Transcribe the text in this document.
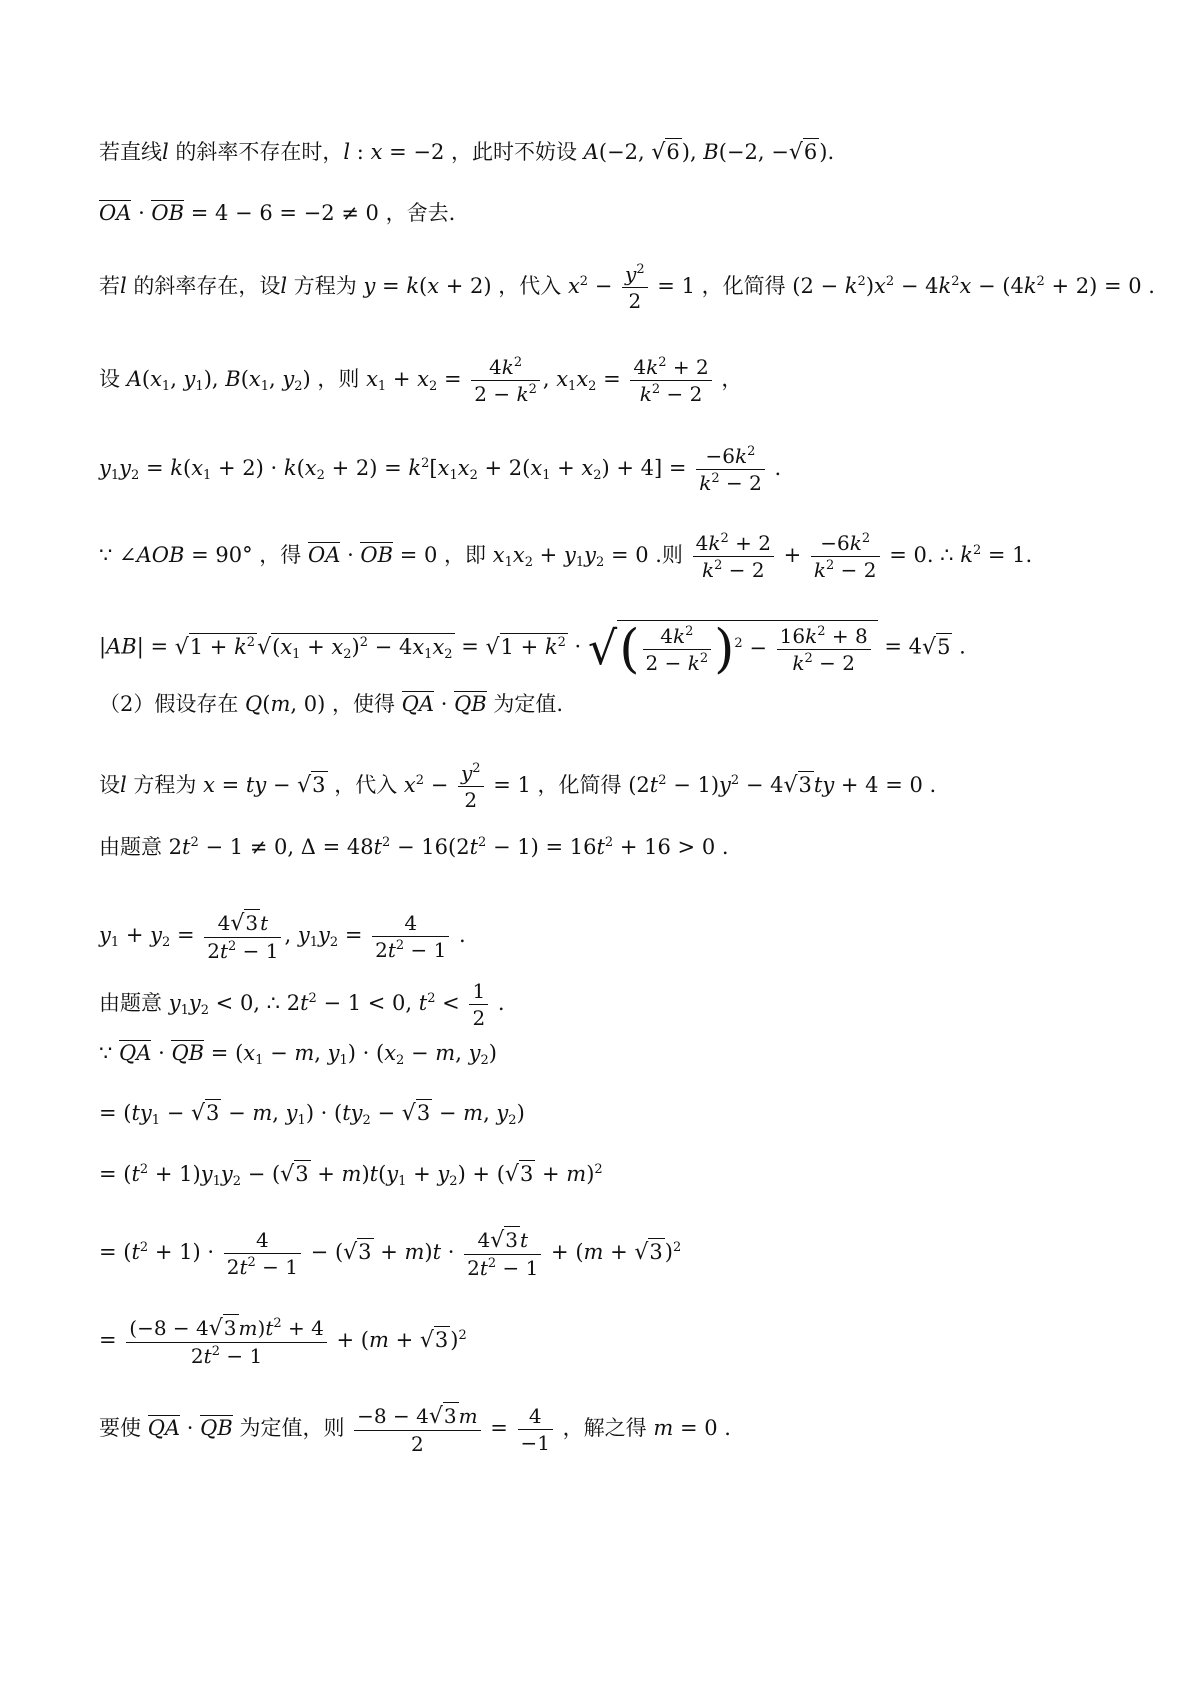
若直线l 的斜率不存在时，l : x = −2 ，此时不妨设 A(−2, √6), B(−2, −√6).
OA · OB = 4 − 6 = −2 ≠ 0 ，舍去.
若l 的斜率存在，设l 方程为 y = k(x + 2) ，代入 $x^2 - \frac{y^2}{2} = 1$ ，化简得 $(2 - k^2)x^2 - 4k^2x - (4k^2 + 2) = 0$ .
设 $A(x_1$, $y_1$), $B(x_1$, $y_2$) ，则 $x_1 + x_2 = \frac{4k^2}{2 - k^2}$ , $x_1x_2 = \frac{4k^2 + 2}{k^2 - 2}$ ，
$y_1y_2 = k(x_1 + 2) \cdot k(x_2 + 2) = k^2[x_1x_2 + 2(x_1 + x_2) + 4] = \frac{-6k^2}{k^2 - 2}$ .
∵ ∠AOB = 90° ，得 OA · OB = 0 ，即 $x_1x_2 + y_1y_2 = 0$ .则 $\frac{4k^2 + 2}{k^2 - 2} + \frac{-6k^2}{k^2 - 2} = 0$. ∴ $k^2 = 1$.
$|AB| = √1 + k^2√(x_1 + x_2)^2 - 4x_1x_2 = √1 + k^2$ · √( $\frac{4k^2}{2 - k^2} )^2 - \frac{16k^2 + 8}{k^2 - 2} = 4√5$ .
（2）假设存在 Q(m, 0) ，使得 QA · QB 为定值.
设l 方程为 x = ty − √3 ，代入 $x^2 - \frac{y^2}{2} = 1$ ，化简得 $(2t^2 - 1)y^2 - 4√3ty + 4 = 0$ .
由题意 $2t^2 - 1 \ne 0$, $\Delta = 48t^2 - 16(2t^2 - 1) = 16t^2 + 16 > 0$ .
$y_1 + y_2 = \frac{4√3 t}{2t^2 - 1}$ , $y_1y_2 = \frac{4}{2t^2 - 1}$ .
由题意 $y_1y_2 < 0$, ∴ $2t^2 - 1 < 0$, $t^2 < \frac{1}{2}$ .
∵ QA · QB = ($x_1 - m$, $y_1) \cdot (x_2 - m$, $y_2$)
= ($ty_1 - √3 - m$, $y_1) \cdot (ty_2 - √3 - m$, $y_2$)
= $(t^2 + 1)y_1y_2 - (√3 + m)t(y_1 + y_2) + (√3 + m)^2$
= $(t^2 + 1) \cdot \frac{4}{2t^2 - 1} - (√3 + m)t \cdot \frac{4√3 t}{2t^2 - 1} + (m + √3)^2$
= $\frac{(-8 - 4√3 m)t^2 + 4}{2t^2 - 1} + (m + √3)^2$
要使 QA · QB 为定值，则 $\frac{-8 - 4√3 m}{2} = \frac{4}{-1}$ ，解之得 m = 0 .
